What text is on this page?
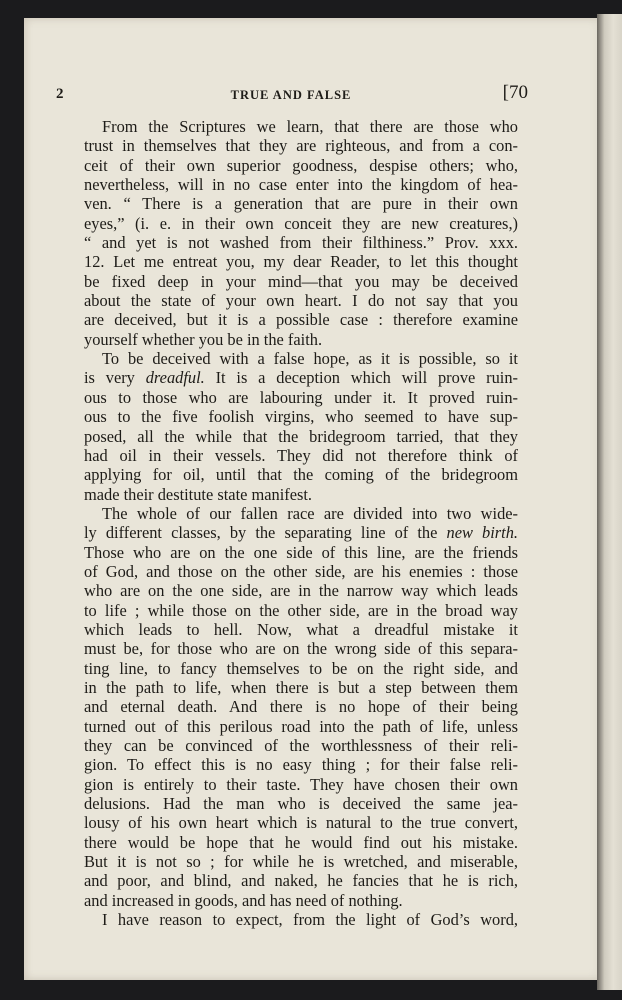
2	TRUE AND FALSE	[70
From the Scriptures we learn, that there are those who
trust in themselves that they are righteous, and from a con-
ceit of their own superior goodness, despise others; who,
nevertheless, will in no case enter into the kingdom of hea-
ven. “ There is a generation that are pure in their own
eyes,” (i. e. in their own conceit they are new creatures,)
“ and yet is not washed from their filthiness.” Prov. xxx.
12. Let me entreat you, my dear Reader, to let this thought
be fixed deep in your mind—that you may be deceived
about the state of your own heart. I do not say that you
are deceived, but it is a possible case : therefore examine
yourself whether you be in the faith.
To be deceived with a false hope, as it is possible, so it
is very dreadful. It is a deception which will prove ruin-
ous to those who are labouring under it. It proved ruin-
ous to the five foolish virgins, who seemed to have sup-
posed, all the while that the bridegroom tarried, that they
had oil in their vessels. They did not therefore think of
applying for oil, until that the coming of the bridegroom
made their destitute state manifest.
The whole of our fallen race are divided into two wide-
ly different classes, by the separating line of the new birth.
Those who are on the one side of this line, are the friends
of God, and those on the other side, are his enemies : those
who are on the one side, are in the narrow way which leads
to life ; while those on the other side, are in the broad way
which leads to hell. Now, what a dreadful mistake it
must be, for those who are on the wrong side of this separa-
ting line, to fancy themselves to be on the right side, and
in the path to life, when there is but a step between them
and eternal death. And there is no hope of their being
turned out of this perilous road into the path of life, unless
they can be convinced of the worthlessness of their reli-
gion. To effect this is no easy thing ; for their false reli-
gion is entirely to their taste. They have chosen their own
delusions. Had the man who is deceived the same jea-
lousy of his own heart which is natural to the true convert,
there would be hope that he would find out his mistake.
But it is not so ; for while he is wretched, and miserable,
and poor, and blind, and naked, he fancies that he is rich,
and increased in goods, and has need of nothing.
I have reason to expect, from the light of God’s word,
